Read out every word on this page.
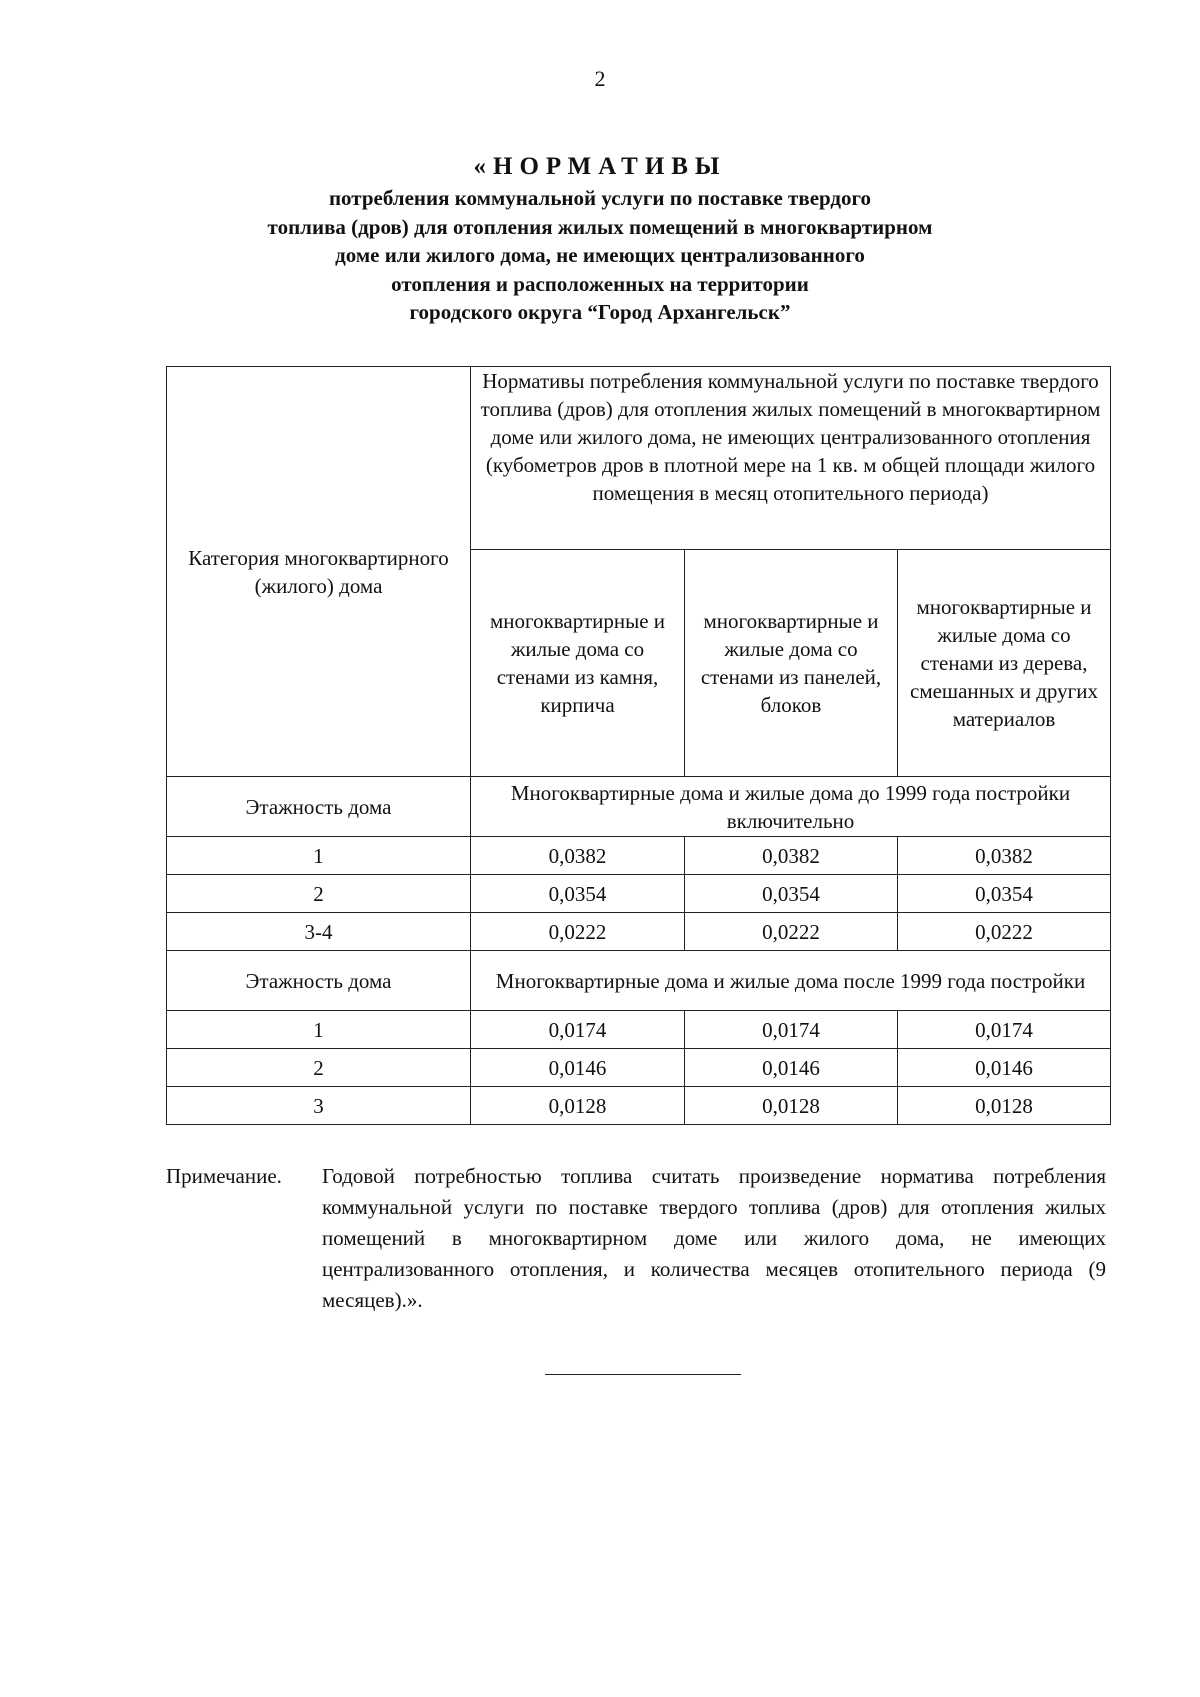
2
«НОРМАТИВЫ
потребления коммунальной услуги по поставке твердого
топлива (дров) для отопления жилых помещений в многоквартирном
доме или жилого дома, не имеющих централизованного
отопления и расположенных на территории
городского округа “Город Архангельск”
Категория многоквартирного (жилого) дома	Нормативы потребления коммунальной услуги по поставке твердого топлива (дров) для отопления жилых помещений в многоквартирном доме или жилого дома, не имеющих централизованного отопления (кубометров дров в плотной мере на 1 кв. м общей площади жилого помещения в месяц отопительного периода)		
	многоквартирные и жилые дома со стенами из камня, кирпича	многоквартирные и жилые дома со стенами из панелей, блоков	многоквартирные и жилые дома со стенами из дерева, смешанных и других материалов
Этажность дома	Многоквартирные дома и жилые дома до 1999 года постройки включительно		
1	0,0382	0,0382	0,0382
2	0,0354	0,0354	0,0354
3-4	0,0222	0,0222	0,0222
Этажность дома	Многоквартирные дома и жилые дома после 1999 года постройки		
1	0,0174	0,0174	0,0174
2	0,0146	0,0146	0,0146
3	0,0128	0,0128	0,0128
Примечание. Годовой потребностью топлива считать произведение норматива потребления коммунальной услуги по поставке твердого топлива (дров) для отопления жилых помещений в многоквартирном доме или жилого дома, не имеющих централизованного отопления, и количества месяцев отопительного периода (9 месяцев).».
